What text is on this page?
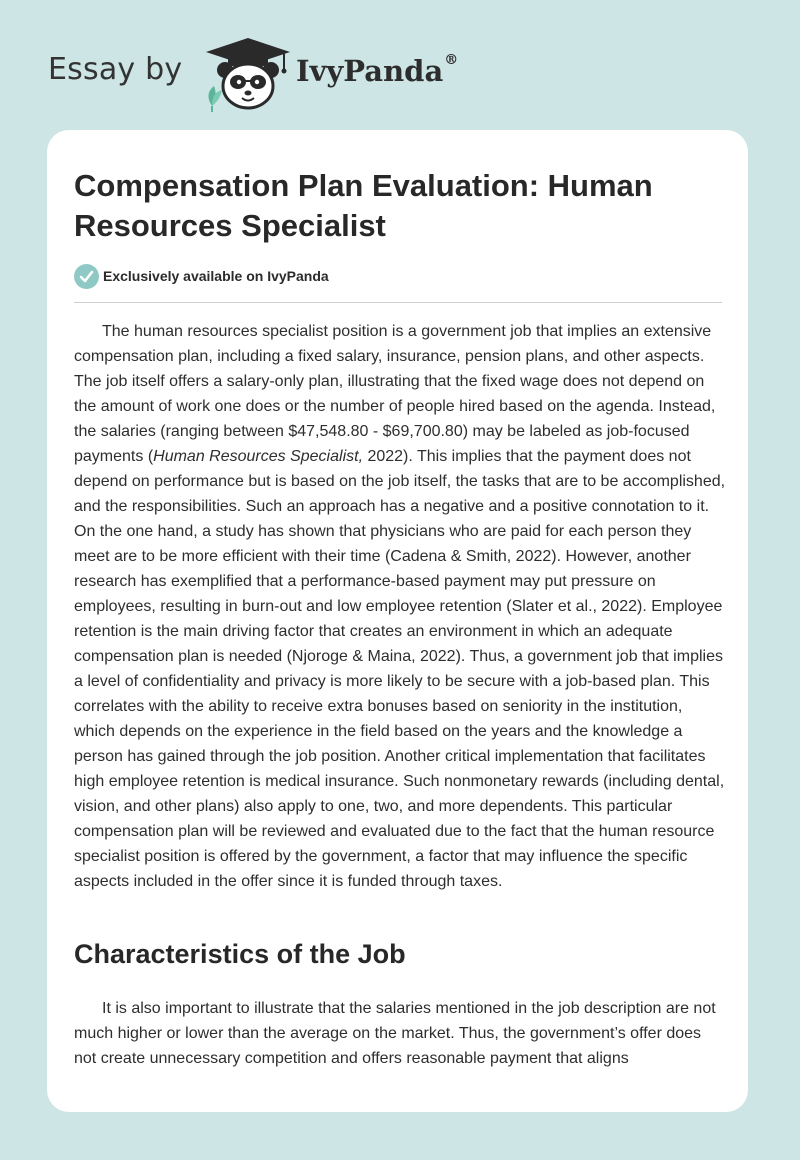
Essay by	IvyPanda®
Compensation Plan Evaluation: Human Resources Specialist
Exclusively available on IvyPanda

The human resources specialist position is a government job that implies an extensive compensation plan, including a fixed salary, insurance, pension plans, and other aspects. The job itself offers a salary-only plan, illustrating that the fixed wage does not depend on the amount of work one does or the number of people hired based on the agenda. Instead, the salaries (ranging between $47,548.80 - $69,700.80) may be labeled as job-focused payments (Human Resources Specialist, 2022). This implies that the payment does not depend on performance but is based on the job itself, the tasks that are to be accomplished, and the responsibilities. Such an approach has a negative and a positive connotation to it. On the one hand, a study has shown that physicians who are paid for each person they meet are to be more efficient with their time (Cadena & Smith, 2022). However, another research has exemplified that a performance-based payment may put pressure on employees, resulting in burn-out and low employee retention (Slater et al., 2022). Employee retention is the main driving factor that creates an environment in which an adequate compensation plan is needed (Njoroge & Maina, 2022). Thus, a government job that implies a level of confidentiality and privacy is more likely to be secure with a job-based plan. This correlates with the ability to receive extra bonuses based on seniority in the institution, which depends on the experience in the field based on the years and the knowledge a person has gained through the job position. Another critical implementation that facilitates high employee retention is medical insurance. Such nonmonetary rewards (including dental, vision, and other plans) also apply to one, two, and more dependents. This particular compensation plan will be reviewed and evaluated due to the fact that the human resource specialist position is offered by the government, a factor that may influence the specific aspects included in the offer since it is funded through taxes.

Characteristics of the Job

It is also important to illustrate that the salaries mentioned in the job description are not much higher or lower than the average on the market. Thus, the government’s offer does not create unnecessary competition and offers reasonable payment that aligns
